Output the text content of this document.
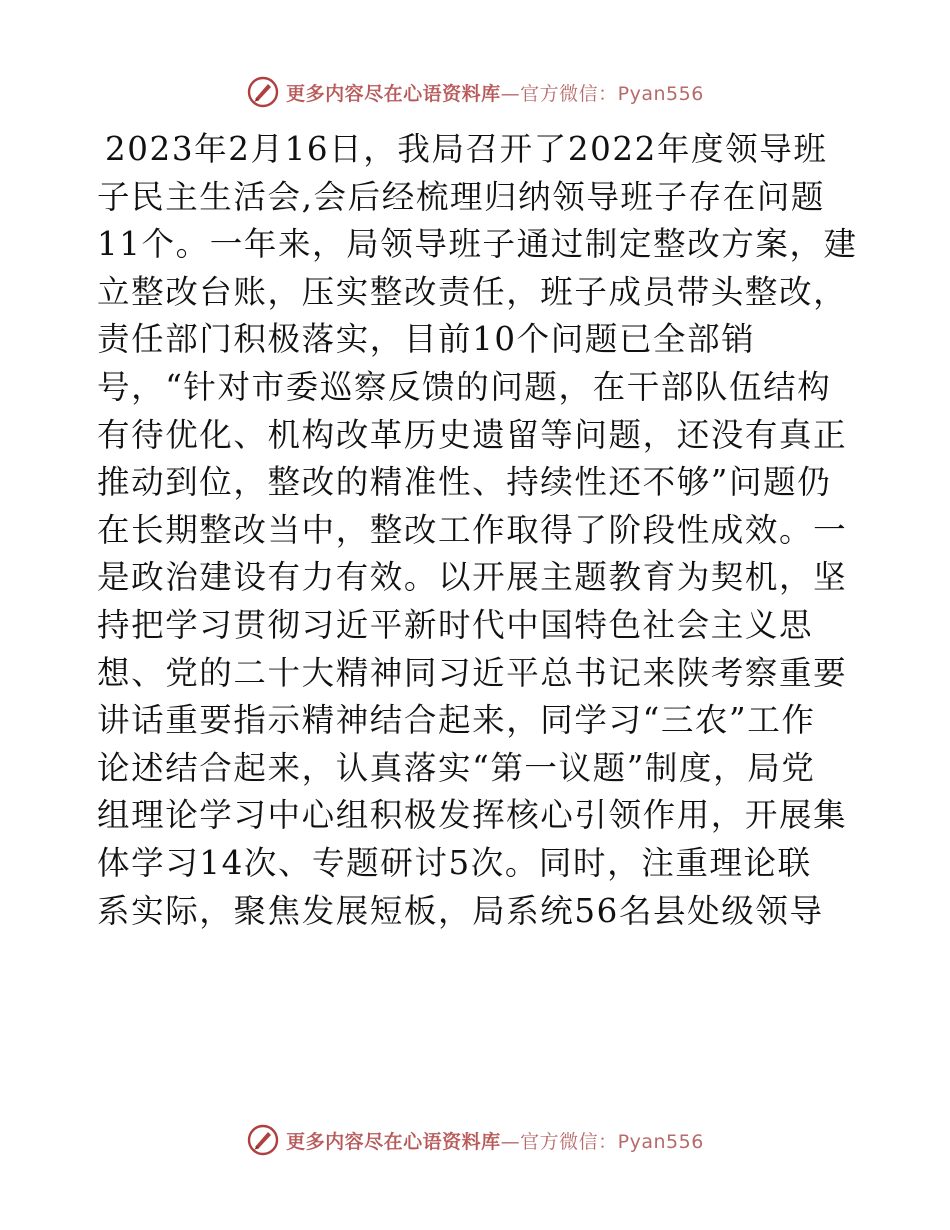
更多内容尽在心语资料库—官方微信：Pyan556
2023年2月16日，我局召开了2022年度领导班
子民主生活会,会后经梳理归纳领导班子存在问题
11个。一年来，局领导班子通过制定整改方案，建
立整改台账，压实整改责任，班子成员带头整改，
责任部门积极落实，目前10个问题已全部销
号，“针对市委巡察反馈的问题，在干部队伍结构
有待优化、机构改革历史遗留等问题，还没有真正
推动到位，整改的精准性、持续性还不够”问题仍
在长期整改当中，整改工作取得了阶段性成效。一
是政治建设有力有效。以开展主题教育为契机，坚
持把学习贯彻习近平新时代中国特色社会主义思
想、党的二十大精神同习近平总书记来陕考察重要
讲话重要指示精神结合起来，同学习“三农”工作
论述结合起来，认真落实“第一议题”制度，局党
组理论学习中心组积极发挥核心引领作用，开展集
体学习14次、专题研讨5次。同时，注重理论联
系实际，聚焦发展短板，局系统56名县处级领导
更多内容尽在心语资料库—官方微信：Pyan556
